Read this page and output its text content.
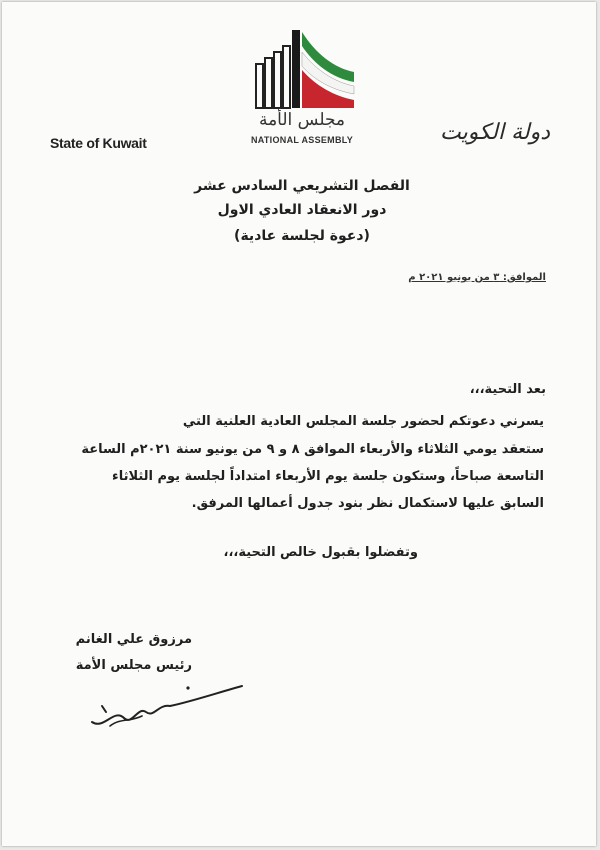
مجلس الأمة
NATIONAL ASSEMBLY
State of Kuwait	دولة الكويت
الفصل التشريعي السادس عشر
دور الانعقاد العادي الاول
(دعوة لجلسة عادية)
الموافق: ٣ من يونيو ٢٠٢١ م
بعد التحية،،،
يسرني دعوتكم لحضور جلسة المجلس العادية العلنية التي
ستعقد يومي الثلاثاء والأربعاء الموافق ٨ و ٩ من يونيو سنة ٢٠٢١م الساعة
التاسعة صباحاً، وستكون جلسة يوم الأربعاء امتداداً لجلسة يوم الثلاثاء
السابق عليها لاستكمال نظر بنود جدول أعمالها المرفق.
وتفضلوا بقبول خالص التحية،،،
مرزوق علي الغانم
رئيس مجلس الأمة
